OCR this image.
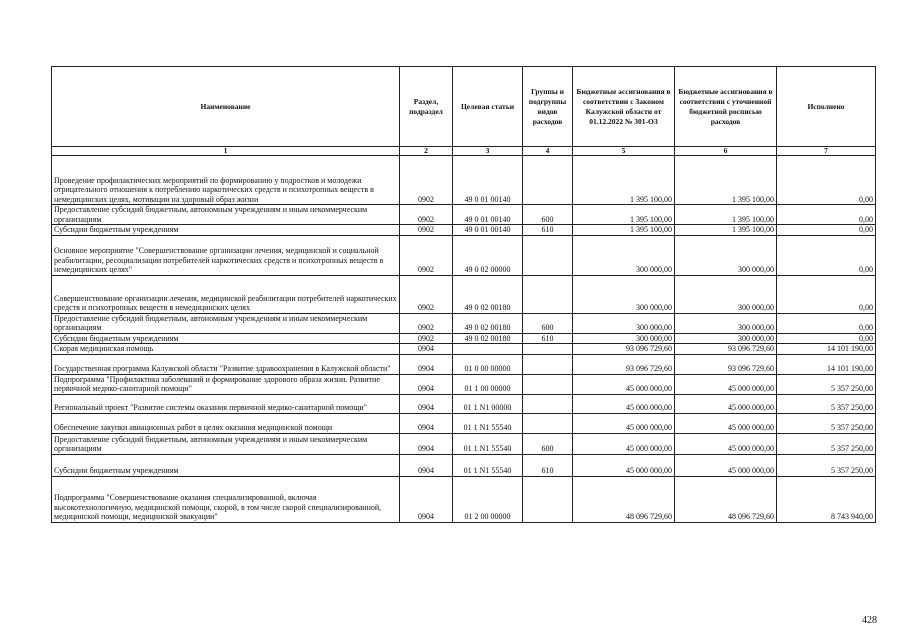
Наименование	Раздел, подраздел	Целевая статьи	Группы и подгруппы видов расходов	Бюджетные ассигнования в соответствии с Законом Калужской области от 01.12.2022 № 301-ОЗ	Бюджетные ассигнования в соответствии с уточненной бюджетной росписью расходов	Исполнено
1	2	3	4	5	6	7
Проведение профилактических мероприятий по формированию у подростков и молодежи отрицательного отношения к потреблению наркотических средств и психотропных веществ в немедицинских целях, мотивации на здоровый образ жизни	0902	49 0 01 00140		1 395 100,00	1 395 100,00	0,00
Предоставление субсидий бюджетным, автономным учреждениям и иным некоммерческим организациям	0902	49 0 01 00140	600	1 395 100,00	1 395 100,00	0,00
Субсидии бюджетным учреждениям	0902	49 0 01 00140	610	1 395 100,00	1 395 100,00	0,00
Основное мероприятие "Совершенствование организации лечения, медицинской и социальной реабилитации, ресоциализации потребителей наркотических средств и психотропных веществ в немедицинских целях"	0902	49 0 02 00000		300 000,00	300 000,00	0,00
Совершенствование организации лечения, медицинской реабилитации потребителей наркотических средств и психотропных веществ в немедицинских целях	0902	49 0 02 00180		300 000,00	300 000,00	0,00
Предоставление субсидий бюджетным, автономным учреждениям и иным некоммерческим организациям	0902	49 0 02 00180	600	300 000,00	300 000,00	0,00
Субсидии бюджетным учреждениям	0902	49 0 02 00180	610	300 000,00	300 000,00	0,00
Скорая медицинская помощь	0904			93 096 729,60	93 096 729,60	14 101 190,00
Государственная программа Калужской области "Развитие здравоохранения в Калужской области"	0904	01 0 00 00000		93 096 729,60	93 096 729,60	14 101 190,00
Подпрограмма "Профилактика заболеваний и формирование здорового образа жизни. Развитие первичной медико-санитарной помощи"	0904	01 1 00 00000		45 000 000,00	45 000 000,00	5 357 250,00
Региональный проект "Развитие системы оказания первичной медико-санитарной помощи"	0904	01 1 N1 00000		45 000 000,00	45 000 000,00	5 357 250,00
Обеспечение закупки авиационных работ в целях оказания медицинской помощи	0904	01 1 N1 55540		45 000 000,00	45 000 000,00	5 357 250,00
Предоставление субсидий бюджетным, автономным учреждениям и иным некоммерческим организациям	0904	01 1 N1 55540	600	45 000 000,00	45 000 000,00	5 357 250,00
Субсидии бюджетным учреждениям	0904	01 1 N1 55540	610	45 000 000,00	45 000 000,00	5 357 250,00
Подпрограмма "Совершенствование оказания специализированной, включая высокотехнологичную, медицинской помощи, скорой, в том числе скорой специализированной, медицинской помощи, медицинской эвакуации"	0904	01 2 00 00000		48 096 729,60	48 096 729,60	8 743 940,00
428
